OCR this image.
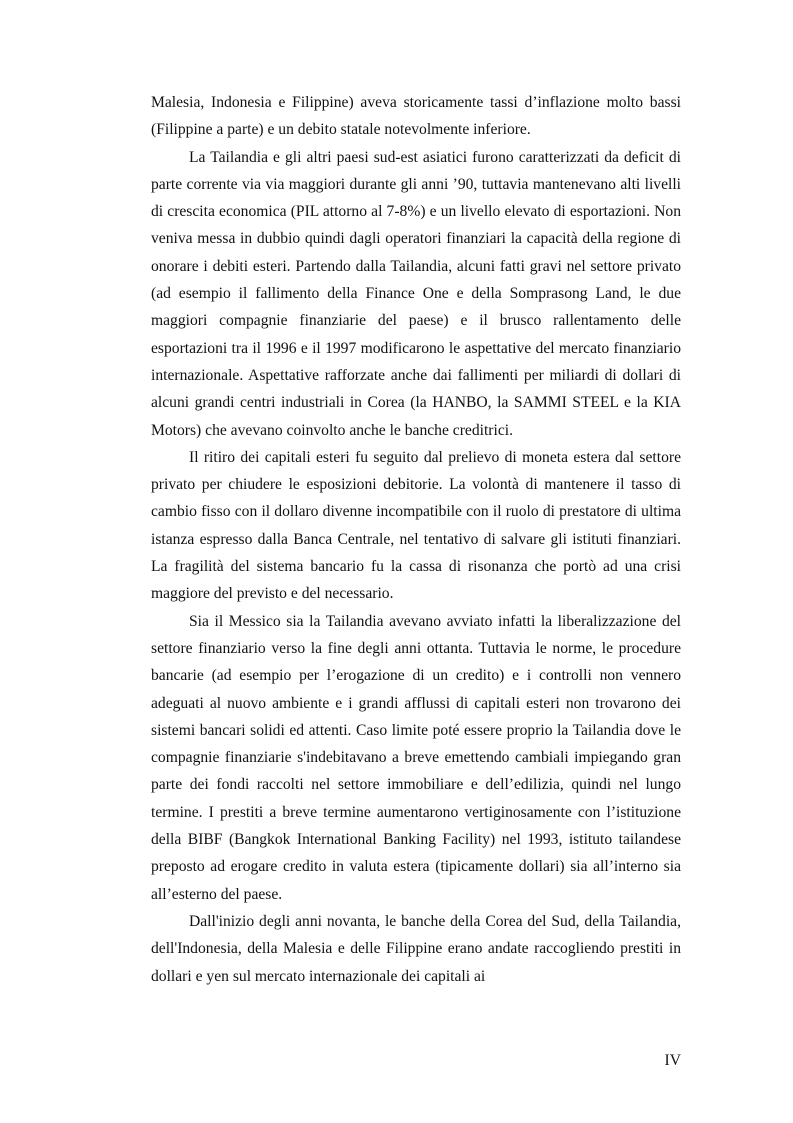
Malesia, Indonesia e Filippine) aveva storicamente tassi d’inflazione molto bassi (Filippine a parte) e un debito statale notevolmente inferiore.

La Tailandia e gli altri paesi sud-est asiatici furono caratterizzati da deficit di parte corrente via via maggiori durante gli anni ’90, tuttavia mantenevano alti livelli di crescita economica (PIL attorno al 7-8%) e un livello elevato di esportazioni. Non veniva messa in dubbio quindi dagli operatori finanziari la capacità della regione di onorare i debiti esteri. Partendo dalla Tailandia, alcuni fatti gravi nel settore privato (ad esempio il fallimento della Finance One e della Somprasong Land, le due maggiori compagnie finanziarie del paese) e il brusco rallentamento delle esportazioni tra il 1996 e il 1997 modificarono le aspettative del mercato finanziario internazionale. Aspettative rafforzate anche dai fallimenti per miliardi di dollari di alcuni grandi centri industriali in Corea (la HANBO, la SAMMI STEEL e la KIA Motors) che avevano coinvolto anche le banche creditrici.

Il ritiro dei capitali esteri fu seguito dal prelievo di moneta estera dal settore privato per chiudere le esposizioni debitorie. La volontà di mantenere il tasso di cambio fisso con il dollaro divenne incompatibile con il ruolo di prestatore di ultima istanza espresso dalla Banca Centrale, nel tentativo di salvare gli istituti finanziari. La fragilità del sistema bancario fu la cassa di risonanza che portò ad una crisi maggiore del previsto e del necessario.

Sia il Messico sia la Tailandia avevano avviato infatti la liberalizzazione del settore finanziario verso la fine degli anni ottanta. Tuttavia le norme, le procedure bancarie (ad esempio per l’erogazione di un credito) e i controlli non vennero adeguati al nuovo ambiente e i grandi afflussi di capitali esteri non trovarono dei sistemi bancari solidi ed attenti. Caso limite poté essere proprio la Tailandia dove le compagnie finanziarie s'indebitavano a breve emettendo cambiali impiegando gran parte dei fondi raccolti nel settore immobiliare e dell’edilizia, quindi nel lungo termine. I prestiti a breve termine aumentarono vertiginosamente con l’istituzione della BIBF (Bangkok International Banking Facility) nel 1993, istituto tailandese preposto ad erogare credito in valuta estera (tipicamente dollari) sia all’interno sia all’esterno del paese.

Dall'inizio degli anni novanta, le banche della Corea del Sud, della Tailandia, dell'Indonesia, della Malesia e delle Filippine erano andate raccogliendo prestiti in dollari e yen sul mercato internazionale dei capitali ai

IV
